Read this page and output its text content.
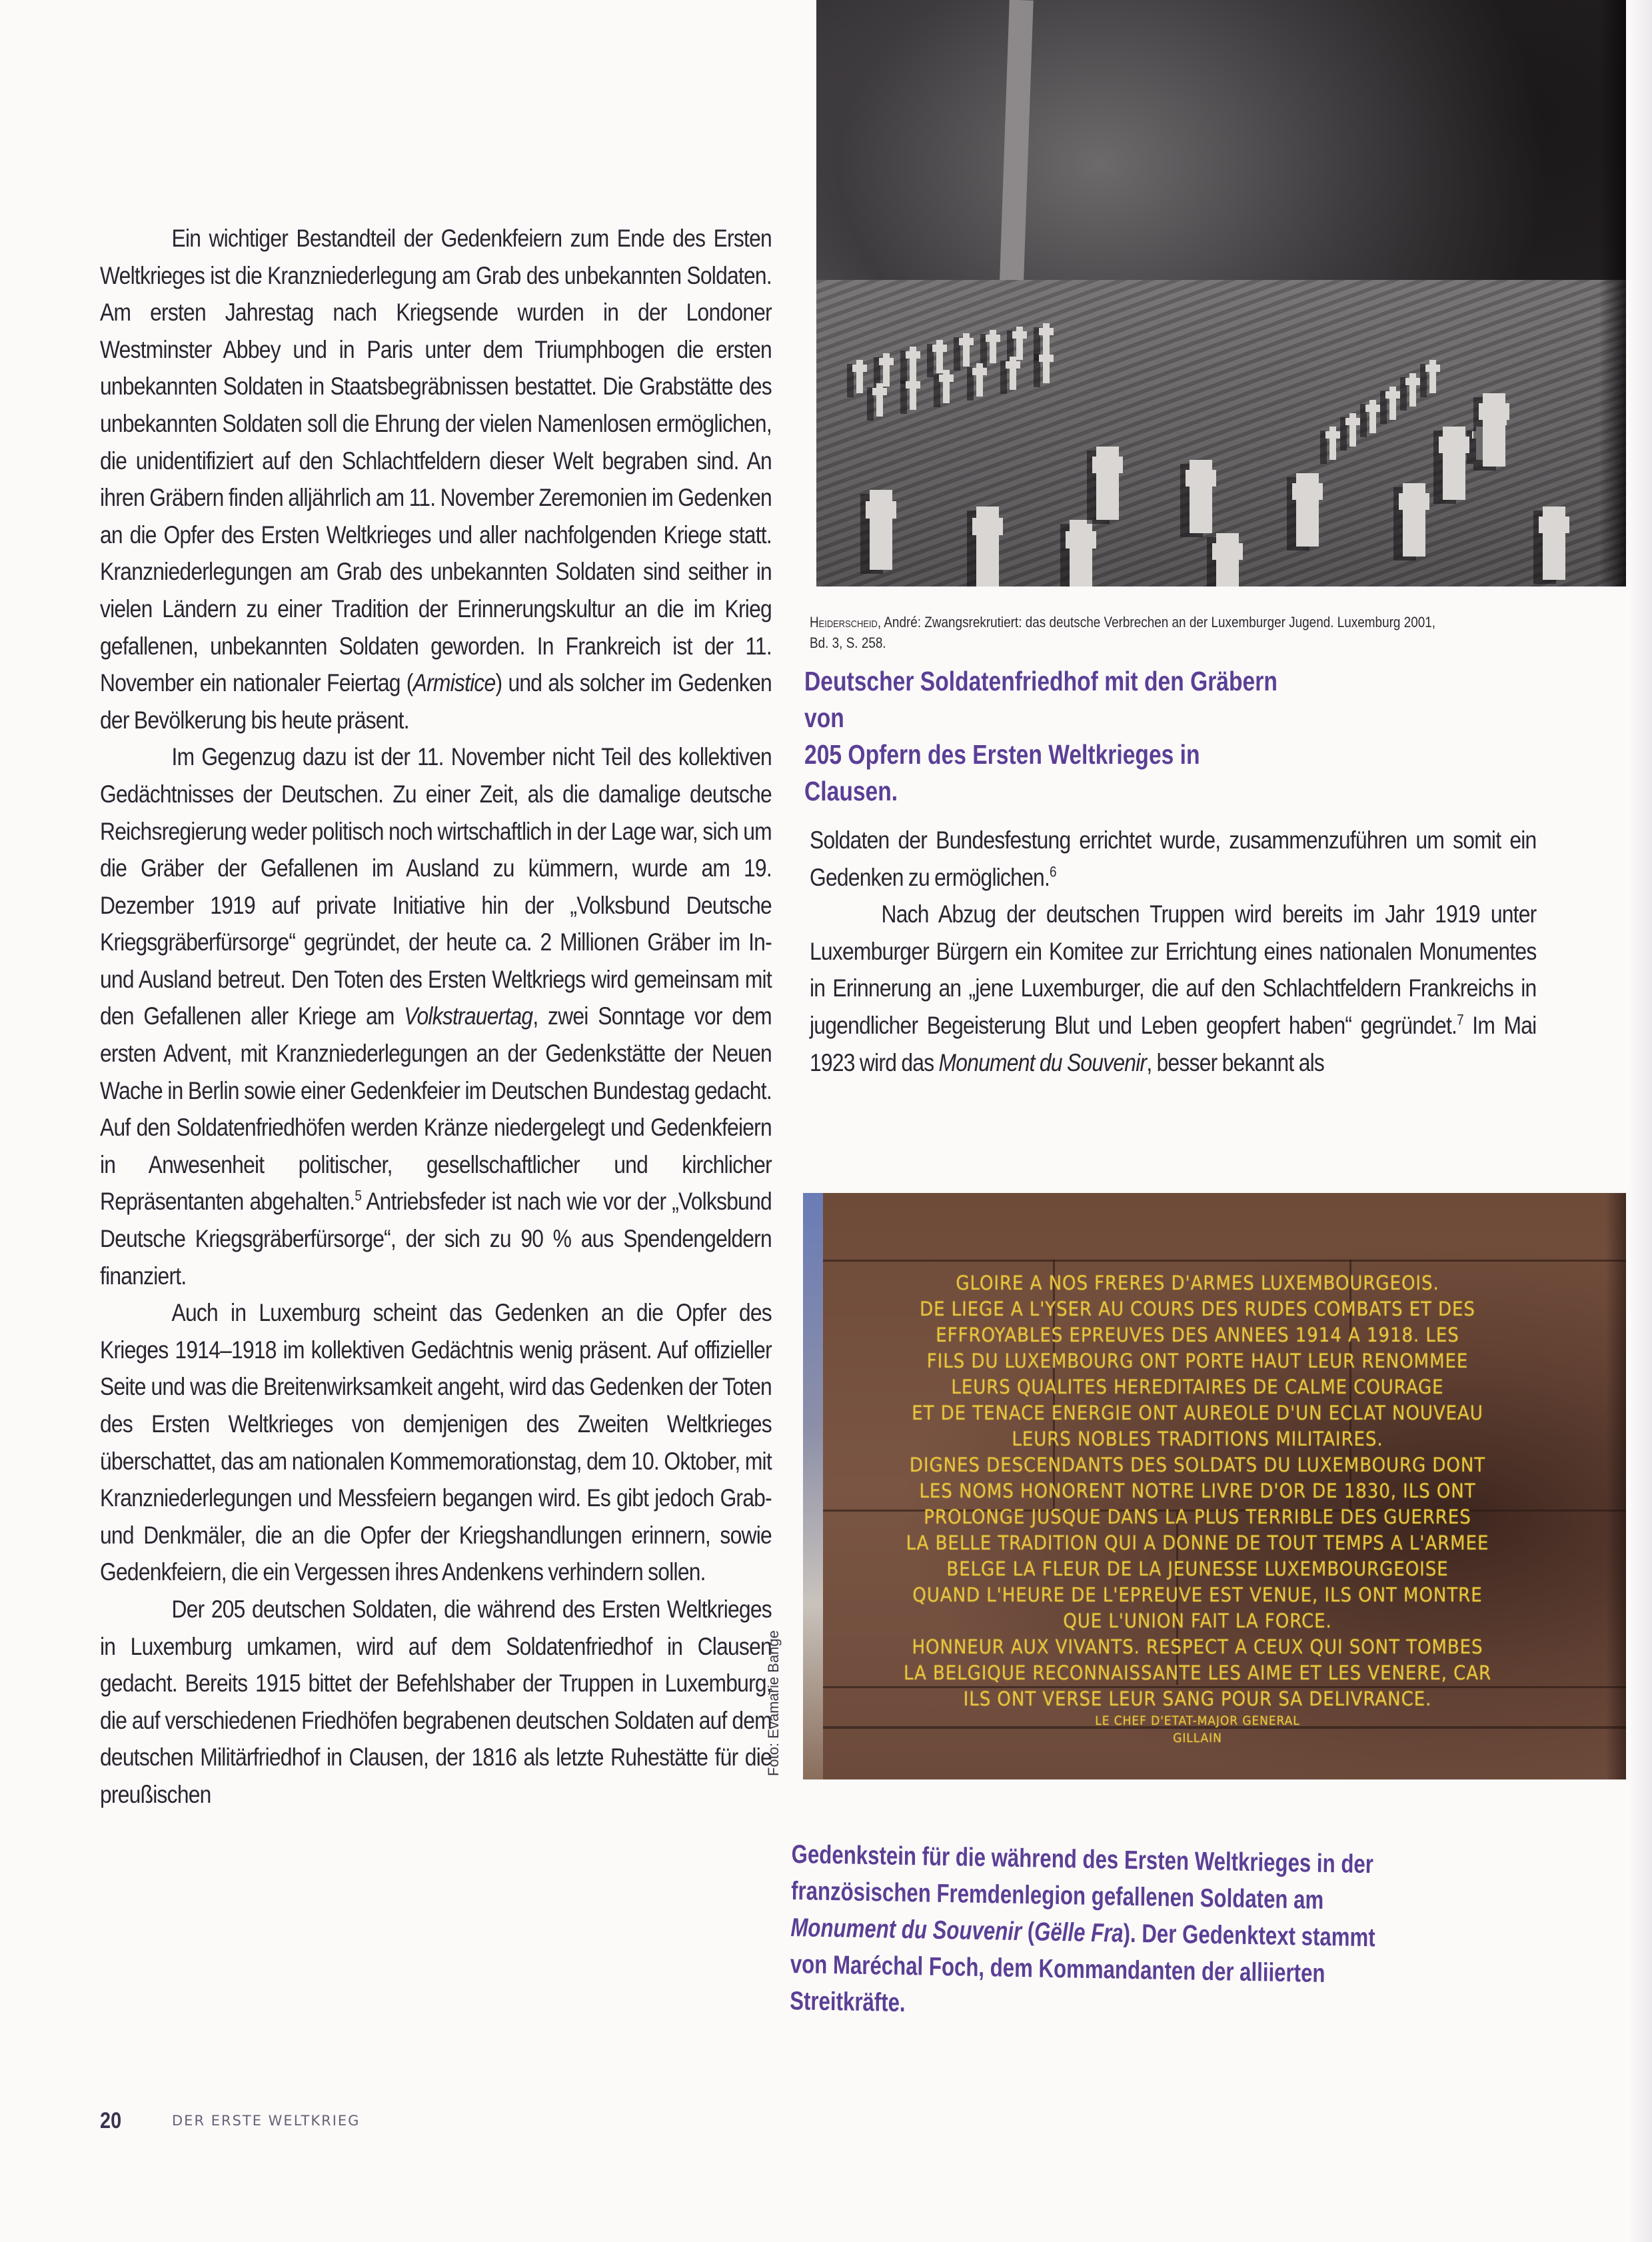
Ein wichtiger Bestandteil der Gedenkfeiern zum Ende des Ersten Weltkrieges ist die Kranzniederlegung am Grab des unbekannten Soldaten. Am ersten Jahrestag nach Kriegsende wurden in der Londoner Westminster Abbey und in Paris unter dem Triumphbogen die ersten unbekannten Soldaten in Staatsbegräbnissen bestattet. Die Grabstätte des unbekannten Soldaten soll die Ehrung der vielen Namenlosen ermöglichen, die unidentifiziert auf den Schlachtfeldern dieser Welt begraben sind. An ihren Gräbern finden alljährlich am 11. November Zeremonien im Gedenken an die Opfer des Ersten Weltkrieges und aller nachfolgenden Kriege statt. Kranzniederlegungen am Grab des unbekannten Soldaten sind seither in vielen Ländern zu einer Tradition der Erinnerungskultur an die im Krieg gefallenen, unbekannten Soldaten geworden. In Frankreich ist der 11. November ein nationaler Feiertag (Armistice) und als solcher im Gedenken der Bevölkerung bis heute präsent.

Im Gegenzug dazu ist der 11. November nicht Teil des kollektiven Gedächtnisses der Deutschen. Zu einer Zeit, als die damalige deutsche Reichsregierung weder politisch noch wirtschaftlich in der Lage war, sich um die Gräber der Gefallenen im Ausland zu kümmern, wurde am 19. Dezember 1919 auf private Initiative hin der „Volksbund Deutsche Kriegsgräberfürsorge“ gegründet, der heute ca. 2 Millionen Gräber im In- und Ausland betreut. Den Toten des Ersten Weltkriegs wird gemeinsam mit den Gefallenen aller Kriege am Volkstrauertag, zwei Sonntage vor dem ersten Advent, mit Kranzniederlegungen an der Gedenkstätte der Neuen Wache in Berlin sowie einer Gedenkfeier im Deutschen Bundestag gedacht. Auf den Soldatenfriedhöfen werden Kränze niedergelegt und Gedenkfeiern in Anwesenheit politischer, gesellschaftlicher und kirchlicher Repräsentanten abgehalten.$^5$ Antriebsfeder ist nach wie vor der „Volksbund Deutsche Kriegsgräberfürsorge“, der sich zu 90 % aus Spendengeldern finanziert.

Auch in Luxemburg scheint das Gedenken an die Opfer des Krieges 1914–1918 im kollektiven Gedächtnis wenig präsent. Auf offizieller Seite und was die Breitenwirksamkeit angeht, wird das Gedenken der Toten des Ersten Weltkrieges von demjenigen des Zweiten Weltkrieges überschattet, das am nationalen Kommemorationstag, dem 10. Oktober, mit Kranzniederlegungen und Messfeiern begangen wird. Es gibt jedoch Grab- und Denkmäler, die an die Opfer der Kriegshandlungen erinnern, sowie Gedenkfeiern, die ein Vergessen ihres Andenkens verhindern sollen.

Der 205 deutschen Soldaten, die während des Ersten Weltkrieges in Luxemburg umkamen, wird auf dem Soldatenfriedhof in Clausen gedacht. Bereits 1915 bittet der Befehlshaber der Truppen in Luxemburg, die auf verschiedenen Friedhöfen begrabenen deutschen Soldaten auf dem deutschen Militärfriedhof in Clausen, der 1816 als letzte Ruhestätte für die preußischen

Heiderscheid, André: Zwangsrekrutiert: das deutsche Verbrechen an der Luxemburger Jugend. Luxemburg 2001, Bd. 3, S. 258.
Deutscher Soldatenfriedhof mit den Gräbern von
205 Opfern des Ersten Weltkrieges in Clausen.

Soldaten der Bundesfestung errichtet wurde, zusammenzuführen um somit ein Gedenken zu ermöglichen.$^6$

Nach Abzug der deutschen Truppen wird bereits im Jahr 1919 unter Luxemburger Bürgern ein Komitee zur Errichtung eines nationalen Monumentes in Erinnerung an „jene Luxemburger, die auf den Schlachtfeldern Frankreichs in jugendlicher Begeisterung Blut und Leben geopfert haben“ gegründet.$^7$ Im Mai 1923 wird das Monument du Souvenir, besser bekannt als

GLOIRE A NOS FRERES D'ARMES LUXEMBOURGEOIS.
DE LIEGE A L'YSER AU COURS DES RUDES COMBATS ET DES
EFFROYABLES EPREUVES DES ANNEES 1914 A 1918. LES
FILS DU LUXEMBOURG ONT PORTE HAUT LEUR RENOMMEE
LEURS QUALITES HEREDITAIRES DE CALME COURAGE
ET DE TENACE ENERGIE ONT AUREOLE D'UN ECLAT NOUVEAU
LEURS NOBLES TRADITIONS MILITAIRES.
DIGNES DESCENDANTS DES SOLDATS DU LUXEMBOURG DONT
LES NOMS HONORENT NOTRE LIVRE D'OR DE 1830, ILS ONT
PROLONGE JUSQUE DANS LA PLUS TERRIBLE DES GUERRES
LA BELLE TRADITION QUI A DONNE DE TOUT TEMPS A L'ARMEE
BELGE LA FLEUR DE LA JEUNESSE LUXEMBOURGEOISE
QUAND L'HEURE DE L'EPREUVE EST VENUE, ILS ONT MONTRE
QUE L'UNION FAIT LA FORCE.
HONNEUR AUX VIVANTS. RESPECT A CEUX QUI SONT TOMBES
LA BELGIQUE RECONNAISSANTE LES AIME ET LES VENERE, CAR
ILS ONT VERSE LEUR SANG POUR SA DELIVRANCE.
LE CHEF D'ETAT-MAJOR GENERAL
GILLAIN
Foto: Evamarie Bange
Gedenkstein für die während des Ersten Weltkrieges in der französischen Fremdenlegion gefallenen Soldaten am Monument du Souvenir (Gëlle Fra). Der Gedenktext stammt von Maréchal Foch, dem Kommandanten der alliierten Streitkräfte.
20	DER ERSTE WELTKRIEG
